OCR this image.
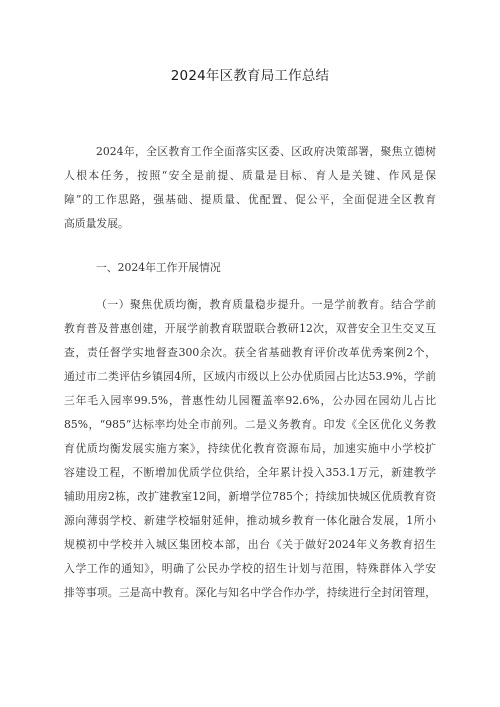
2024年区教育局工作总结
2024年，全区教育工作全面落实区委、区政府决策部署，聚焦立德树
人根本任务，按照“安全是前提、质量是目标、育人是关键、作风是保
障”的工作思路，强基础、提质量、优配置、促公平，全面促进全区教育
高质量发展。
一、2024年工作开展情况
（一）聚焦优质均衡，教育质量稳步提升。一是学前教育。结合学前
教育普及普惠创建，开展学前教育联盟联合教研12次，双普安全卫生交叉互
查，责任督学实地督查300余次。获全省基础教育评价改革优秀案例2个，
通过市二类评估乡镇园4所，区域内市级以上公办优质园占比达53.9%，学前
三年毛入园率99.5%，普惠性幼儿园覆盖率92.6%，公办园在园幼儿占比
85%，“985”达标率均处全市前列。二是义务教育。印发《全区优化义务教
育优质均衡发展实施方案》，持续优化教育资源布局，加速实施中小学校扩
容建设工程，不断增加优质学位供给，全年累计投入353.1万元，新建教学
辅助用房2栋，改扩建教室12间，新增学位785个；持续加快城区优质教育资
源向薄弱学校、新建学校辐射延伸，推动城乡教育一体化融合发展，1所小
规模初中学校并入城区集团校本部，出台《关于做好2024年义务教育招生
入学工作的通知》，明确了公民办学校的招生计划与范围，特殊群体入学安
排等事项。三是高中教育。深化与知名中学合作办学，持续进行全封闭管理，
